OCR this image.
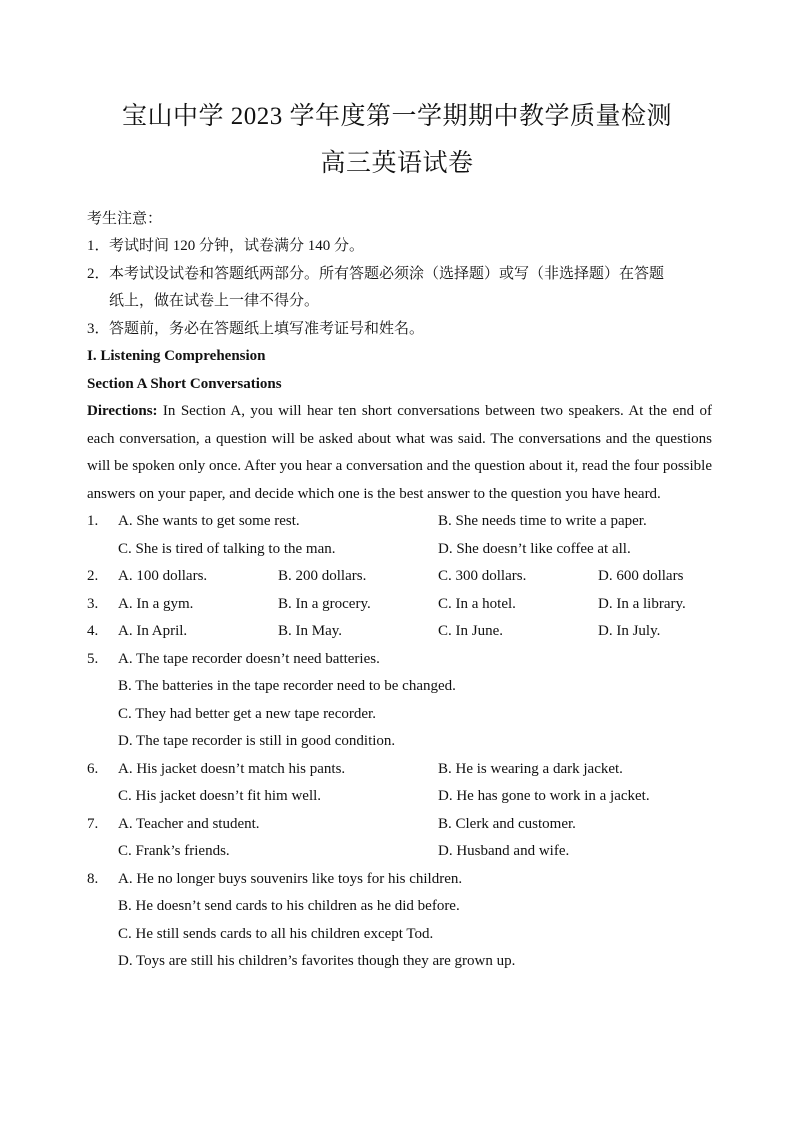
宝山中学 2023 学年度第一学期期中教学质量检测
高三英语试卷
考生注意：
1． 考试时间 120 分钟，试卷满分 140 分。
2． 本考试设试卷和答题纸两部分。所有答题必须涂（选择题）或写（非选择题）在答题
纸上，做在试卷上一律不得分。
3． 答题前，务必在答题纸上填写准考证号和姓名。
I. Listening Comprehension
Section A Short Conversations
Directions: In Section A, you will hear ten short conversations between two speakers. At the end of each conversation, a question will be asked about what was said. The conversations and the questions will be spoken only once. After you hear a conversation and the question about it, read the four possible answers on your paper, and decide which one is the best answer to the question you have heard.
1.	A. She wants to get some rest.	B. She needs time to write a paper.
C. She is tired of talking to the man.	D. She doesn’t like coffee at all.
2.	A. 100 dollars.	B. 200 dollars.	C. 300 dollars.	D. 600 dollars
3.	A. In a gym.	B. In a grocery.	C. In a hotel.	D. In a library.
4.	A. In April.	B. In May.	C. In June.	D. In July.
5.	A. The tape recorder doesn’t need batteries.
B. The batteries in the tape recorder need to be changed.
C. They had better get a new tape recorder.
D. The tape recorder is still in good condition.
6.	A. His jacket doesn’t match his pants.	B. He is wearing a dark jacket.
C. His jacket doesn’t fit him well.	D. He has gone to work in a jacket.
7.	A. Teacher and student.	B. Clerk and customer.
C. Frank’s friends.	D. Husband and wife.
8.	A. He no longer buys souvenirs like toys for his children.
B. He doesn’t send cards to his children as he did before.
C. He still sends cards to all his children except Tod.
D. Toys are still his children’s favorites though they are grown up.
